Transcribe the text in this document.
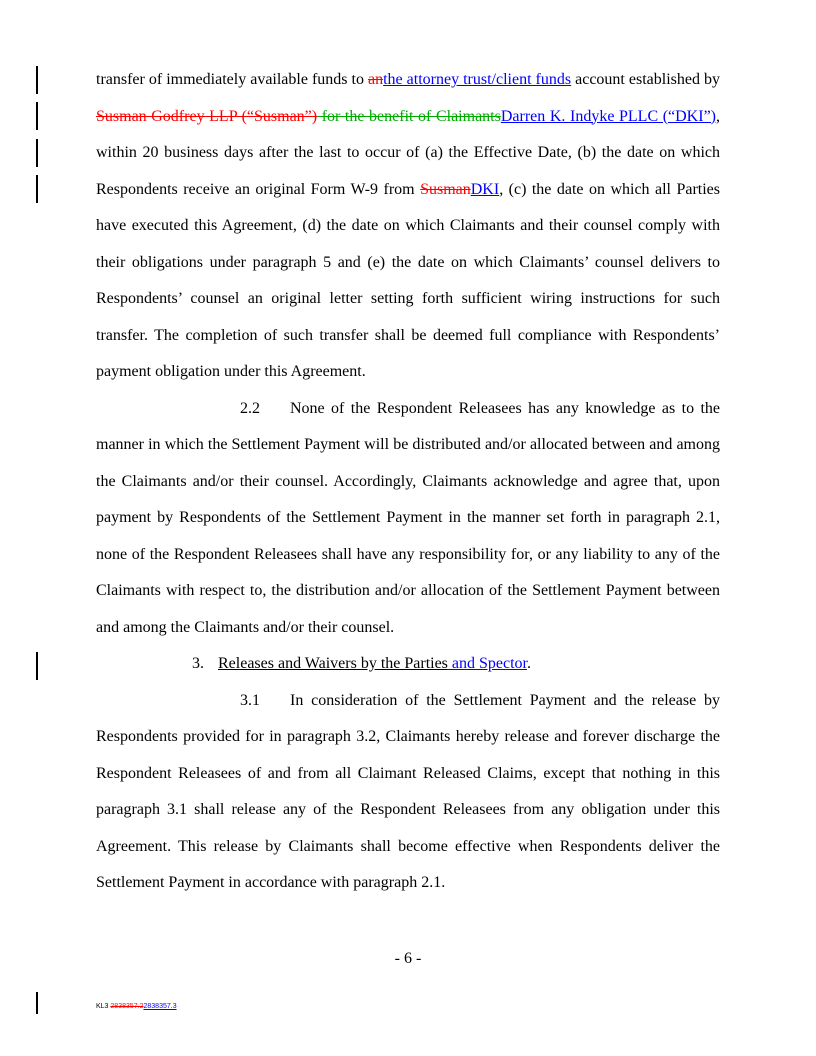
transfer of immediately available funds to anthe attorney trust/client funds account established by Susman Godfrey LLP (“Susman”) for the benefit of ClaimantsDarren K. Indyke PLLC (“DKI”), within 20 business days after the last to occur of (a) the Effective Date, (b) the date on which Respondents receive an original Form W-9 from SusmanDKI, (c) the date on which all Parties have executed this Agreement, (d) the date on which Claimants and their counsel comply with their obligations under paragraph 5 and (e) the date on which Claimants’ counsel delivers to Respondents’ counsel an original letter setting forth sufficient wiring instructions for such transfer. The completion of such transfer shall be deemed full compliance with Respondents’ payment obligation under this Agreement.

2.2 None of the Respondent Releasees has any knowledge as to the manner in which the Settlement Payment will be distributed and/or allocated between and among the Claimants and/or their counsel. Accordingly, Claimants acknowledge and agree that, upon payment by Respondents of the Settlement Payment in the manner set forth in paragraph 2.1, none of the Respondent Releasees shall have any responsibility for, or any liability to any of the Claimants with respect to, the distribution and/or allocation of the Settlement Payment between and among the Claimants and/or their counsel.

3. Releases and Waivers by the Parties and Spector.

3.1 In consideration of the Settlement Payment and the release by Respondents provided for in paragraph 3.2, Claimants hereby release and forever discharge the Respondent Releasees of and from all Claimant Released Claims, except that nothing in this paragraph 3.1 shall release any of the Respondent Releasees from any obligation under this Agreement. This release by Claimants shall become effective when Respondents deliver the Settlement Payment in accordance with paragraph 2.1.

- 6 -
KL3 2838357.22838357.3
